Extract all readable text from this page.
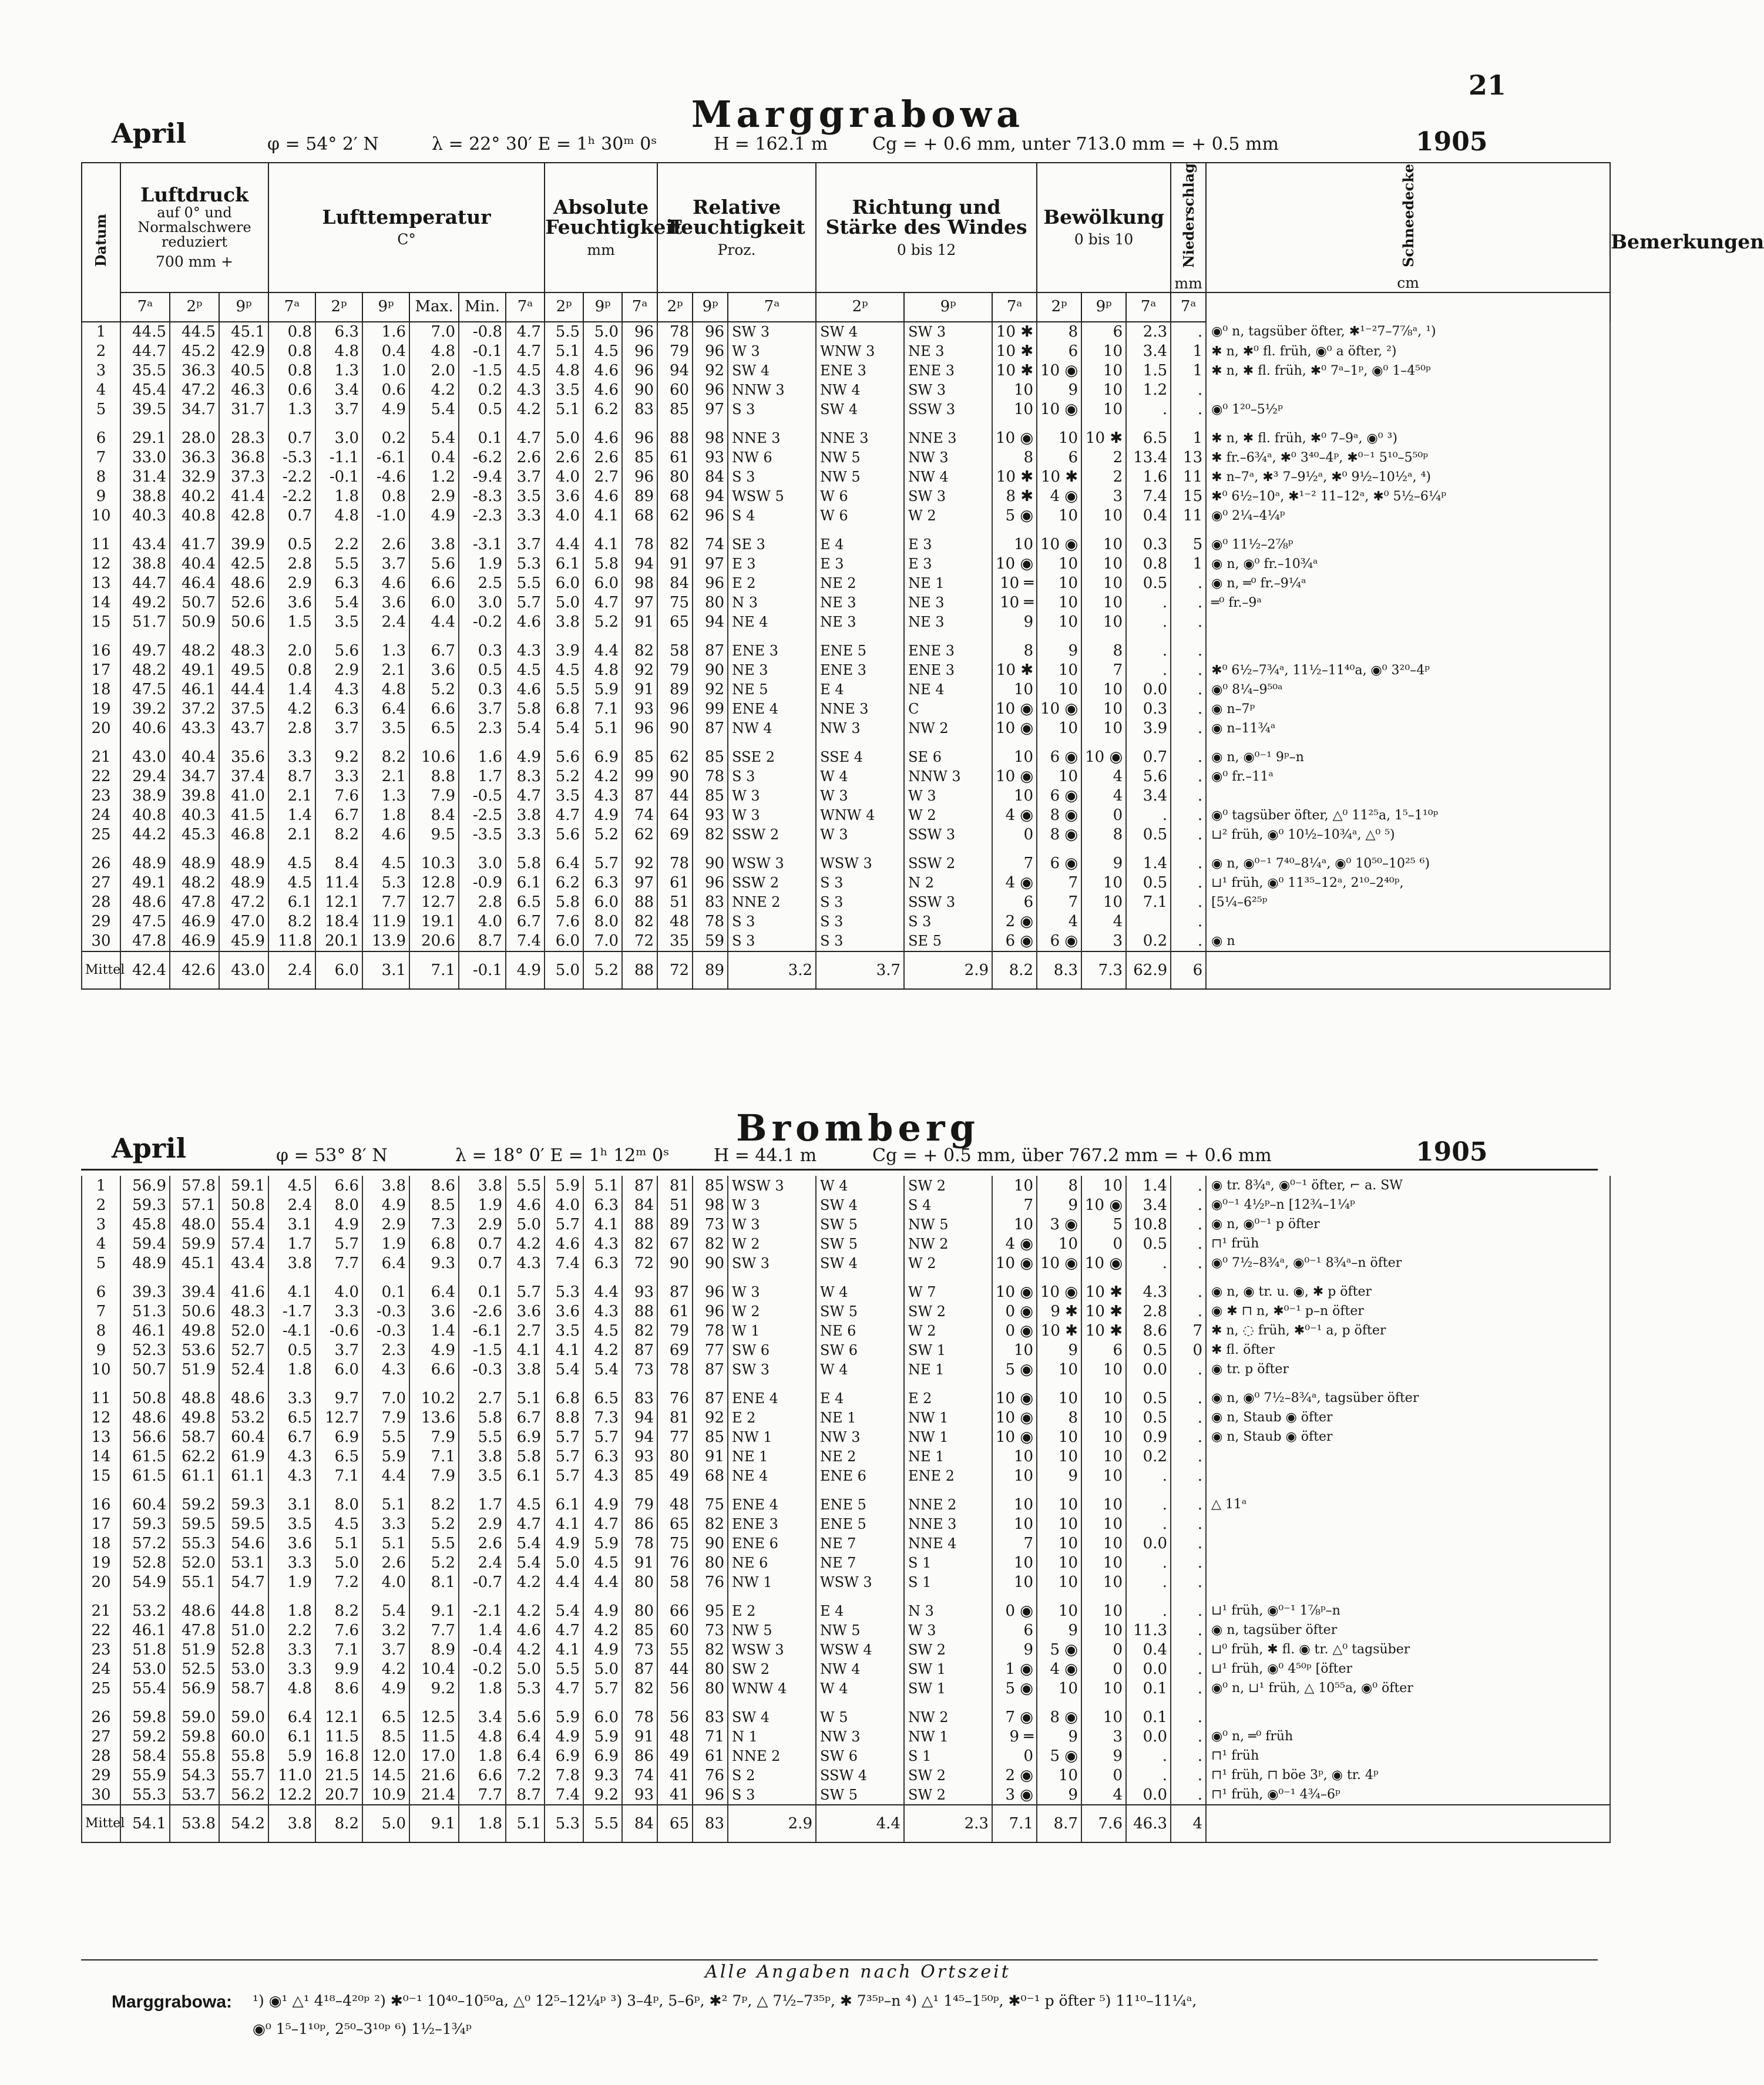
21
Marggrabowa
April	φ = 54° 2′ N	λ = 22° 30′ E = 1ʰ 30ᵐ 0ˢ	H = 162.1 m	Cg = + 0.6 mm, unter 713.0 mm = + 0.5 mm	1905
Datum	Luftdruck
auf 0° und Normalschwere reduziert
700 mm +			Lufttemperatur
C°						Absolute Feuchtigkeit
mm			Relative Feuchtigkeit
Proz.			Richtung und Stärke des Windes
0 bis 12			Bewölkung
0 bis 10			Niederschlag
mm	Schneedecke
cm	Bemerkungen
	7ᵃ	2ᵖ	9ᵖ	7ᵃ	2ᵖ	9ᵖ	Max.	Min.	7ᵃ	2ᵖ	9ᵖ	7ᵃ	2ᵖ	9ᵖ	7ᵃ	2ᵖ	9ᵖ	7ᵃ	2ᵖ	9ᵖ	7ᵃ	7ᵃ		
1	44.5	44.5	45.1	0.8	6.3	1.6	7.0	-0.8	4.7	5.5	5.0	96	78	96	SW 3	SW 4	SW 3	10 ✱	8	6	2.3	.	◉⁰ n, tagsüber öfter, ✱¹⁻²7–7⅞ᵃ, ¹)	
2	44.7	45.2	42.9	0.8	4.8	0.4	4.8	-0.1	4.7	5.1	4.5	96	79	96	W 3	WNW 3	NE 3	10 ✱	6	10	3.4	1	✱ n, ✱⁰ fl. früh, ◉⁰ a öfter, ²)	
3	35.5	36.3	40.5	0.8	1.3	1.0	2.0	-1.5	4.5	4.8	4.6	96	94	92	SW 4	ENE 3	ENE 3	10 ✱	10 ◉	10	1.5	1	✱ n, ✱ fl. früh, ✱⁰ 7ᵃ–1ᵖ, ◉⁰ 1–4⁵⁰ᵖ	
4	45.4	47.2	46.3	0.6	3.4	0.6	4.2	0.2	4.3	3.5	4.6	90	60	96	NNW 3	NW 4	SW 3	10	9	10	1.2	.		
5	39.5	34.7	31.7	1.3	3.7	4.9	5.4	0.5	4.2	5.1	6.2	83	85	97	S 3	SW 4	SSW 3	10	10 ◉	10	.	.	◉⁰ 1²⁰–5½ᵖ	
6	29.1	28.0	28.3	0.7	3.0	0.2	5.4	0.1	4.7	5.0	4.6	96	88	98	NNE 3	NNE 3	NNE 3	10 ◉	10	10 ✱	6.5	1	✱ n, ✱ fl. früh, ✱⁰ 7–9ᵃ, ◉⁰ ³)	
7	33.0	36.3	36.8	-5.3	-1.1	-6.1	0.4	-6.2	2.6	2.6	2.6	85	61	93	NW 6	NW 5	NW 3	8	6	2	13.4	13	✱ fr.–6¾ᵃ, ✱⁰ 3⁴⁰–4ᵖ, ✱⁰⁻¹ 5¹⁰–5⁵⁰ᵖ	
8	31.4	32.9	37.3	-2.2	-0.1	-4.6	1.2	-9.4	3.7	4.0	2.7	96	80	84	S 3	NW 5	NW 4	10 ✱	10 ✱	2	1.6	11	✱ n–7ᵃ, ✱³ 7–9½ᵃ, ✱⁰ 9½–10½ᵃ, ⁴)	
9	38.8	40.2	41.4	-2.2	1.8	0.8	2.9	-8.3	3.5	3.6	4.6	89	68	94	WSW 5	W 6	SW 3	8 ✱	4 ◉	3	7.4	15	✱⁰ 6½–10ᵃ, ✱¹⁻² 11–12ᵃ, ✱⁰ 5½–6¼ᵖ	
10	40.3	40.8	42.8	0.7	4.8	-1.0	4.9	-2.3	3.3	4.0	4.1	68	62	96	S 4	W 6	W 2	5 ◉	10	10	0.4	11	◉⁰ 2¼–4¼ᵖ	
11	43.4	41.7	39.9	0.5	2.2	2.6	3.8	-3.1	3.7	4.4	4.1	78	82	74	SE 3	E 4	E 3	10	10 ◉	10	0.3	5	◉⁰ 11½–2⅞ᵖ	
12	38.8	40.4	42.5	2.8	5.5	3.7	5.6	1.9	5.3	6.1	5.8	94	91	97	E 3	E 3	E 3	10 ◉	10	10	0.8	1	◉ n, ◉⁰ fr.–10¾ᵃ	
13	44.7	46.4	48.6	2.9	6.3	4.6	6.6	2.5	5.5	6.0	6.0	98	84	96	E 2	NE 2	NE 1	10 ═	10	10	0.5	.	◉ n, ═⁰ fr.–9¼ᵃ	
14	49.2	50.7	52.6	3.6	5.4	3.6	6.0	3.0	5.7	5.0	4.7	97	75	80	N 3	NE 3	NE 3	10 ═	10	10	.	.	═⁰ fr.–9ᵃ	
15	51.7	50.9	50.6	1.5	3.5	2.4	4.4	-0.2	4.6	3.8	5.2	91	65	94	NE 4	NE 3	NE 3	9	10	10	.	.		
16	49.7	48.2	48.3	2.0	5.6	1.3	6.7	0.3	4.3	3.9	4.4	82	58	87	ENE 3	ENE 5	ENE 3	8	9	8	.	.		
17	48.2	49.1	49.5	0.8	2.9	2.1	3.6	0.5	4.5	4.5	4.8	92	79	90	NE 3	ENE 3	ENE 3	10 ✱	10	7	.	.	✱⁰ 6½–7¾ᵃ, 11½–11⁴⁰a, ◉⁰ 3²⁰–4ᵖ	
18	47.5	46.1	44.4	1.4	4.3	4.8	5.2	0.3	4.6	5.5	5.9	91	89	92	NE 5	E 4	NE 4	10	10	10	0.0	.	◉⁰ 8¼–9⁵⁰ᵃ	
19	39.2	37.2	37.5	4.2	6.3	6.4	6.6	3.7	5.8	6.8	7.1	93	96	99	ENE 4	NNE 3	C	10 ◉	10 ◉	10	0.3	.	◉ n–7ᵖ	
20	40.6	43.3	43.7	2.8	3.7	3.5	6.5	2.3	5.4	5.4	5.1	96	90	87	NW 4	NW 3	NW 2	10 ◉	10	10	3.9	.	◉ n–11¾ᵃ	
21	43.0	40.4	35.6	3.3	9.2	8.2	10.6	1.6	4.9	5.6	6.9	85	62	85	SSE 2	SSE 4	SE 6	10	6 ◉	10 ◉	0.7	.	◉ n, ◉⁰⁻¹ 9ᵖ–n	
22	29.4	34.7	37.4	8.7	3.3	2.1	8.8	1.7	8.3	5.2	4.2	99	90	78	S 3	W 4	NNW 3	10 ◉	10	4	5.6	.	◉⁰ fr.–11ᵃ	
23	38.9	39.8	41.0	2.1	7.6	1.3	7.9	-0.5	4.7	3.5	4.3	87	44	85	W 3	W 3	W 3	10	6 ◉	4	3.4	.		
24	40.8	40.3	41.5	1.4	6.7	1.8	8.4	-2.5	3.8	4.7	4.9	74	64	93	W 3	WNW 4	W 2	4 ◉	8 ◉	0	.	.	◉⁰ tagsüber öfter, △⁰ 11²⁵a, 1⁵–1¹⁰ᵖ	
25	44.2	45.3	46.8	2.1	8.2	4.6	9.5	-3.5	3.3	5.6	5.2	62	69	82	SSW 2	W 3	SSW 3	0	8 ◉	8	0.5	.	⊔² früh, ◉⁰ 10½–10¾ᵃ, △⁰ ⁵)	
26	48.9	48.9	48.9	4.5	8.4	4.5	10.3	3.0	5.8	6.4	5.7	92	78	90	WSW 3	WSW 3	SSW 2	7	6 ◉	9	1.4	.	◉ n, ◉⁰⁻¹ 7⁴⁰–8¼ᵃ, ◉⁰ 10⁵⁰–10²⁵ ⁶)	
27	49.1	48.2	48.9	4.5	11.4	5.3	12.8	-0.9	6.1	6.2	6.3	97	61	96	SSW 2	S 3	N 2	4 ◉	7	10	0.5	.	⊔¹ früh, ◉⁰ 11³⁵–12ᵃ, 2¹⁰–2⁴⁰ᵖ,	
28	48.6	47.8	47.2	6.1	12.1	7.7	12.7	2.8	6.5	5.8	6.0	88	51	83	NNE 2	S 3	SSW 3	6	7	10	7.1	.	[5¼–6²⁵ᵖ	
29	47.5	46.9	47.0	8.2	18.4	11.9	19.1	4.0	6.7	7.6	8.0	82	48	78	S 3	S 3	S 3	2 ◉	4	4		.		
30	47.8	46.9	45.9	11.8	20.1	13.9	20.6	8.7	7.4	6.0	7.0	72	35	59	S 3	S 3	SE 5	6 ◉	6 ◉	3	0.2	.	◉ n	
Mittel	42.4	42.6	43.0	2.4	6.0	3.1	7.1	-0.1	4.9	5.0	5.2	88	72	89	3.2	3.7	2.9	8.2	8.3	7.3	62.9	6		
Bromberg
April	φ = 53° 8′ N	λ = 18° 0′ E = 1ʰ 12ᵐ 0ˢ	H = 44.1 m	Cg = + 0.5 mm, über 767.2 mm = + 0.6 mm	1905
1	56.9	57.8	59.1	4.5	6.6	3.8	8.6	3.8	5.5	5.9	5.1	87	81	85	WSW 3	W 4	SW 2	10	8	10	1.4	.	◉ tr. 8¾ᵃ, ◉⁰⁻¹ öfter, ⌐ a. SW
2	59.3	57.1	50.8	2.4	8.0	4.9	8.5	1.9	4.6	4.0	6.3	84	51	98	W 3	SW 4	S 4	7	9	10 ◉	3.4	.	◉⁰⁻¹ 4½ᵖ–n [12¾–1¼ᵖ
3	45.8	48.0	55.4	3.1	4.9	2.9	7.3	2.9	5.0	5.7	4.1	88	89	73	W 3	SW 5	NW 5	10	3 ◉	5	10.8	.	◉ n, ◉⁰⁻¹ p öfter
4	59.4	59.9	57.4	1.7	5.7	1.9	6.8	0.7	4.2	4.6	4.3	82	67	82	W 2	SW 5	NW 2	4 ◉	10	0	0.5	.	⊓¹ früh
5	48.9	45.1	43.4	3.8	7.7	6.4	9.3	0.7	4.3	7.4	6.3	72	90	90	SW 3	SW 4	W 2	10 ◉	10 ◉	10 ◉	.	.	◉⁰ 7½–8¾ᵃ, ◉⁰⁻¹ 8¾ᵃ–n öfter
6	39.3	39.4	41.6	4.1	4.0	0.1	6.4	0.1	5.7	5.3	4.4	93	87	96	W 3	W 4	W 7	10 ◉	10 ◉	10 ✱	4.3	.	◉ n, ◉ tr. u. ◉, ✱ p öfter
7	51.3	50.6	48.3	-1.7	3.3	-0.3	3.6	-2.6	3.6	3.6	4.3	88	61	96	W 2	SW 5	SW 2	0 ◉	9 ✱	10 ✱	2.8	.	◉ ✱ ⊓ n, ✱⁰⁻¹ p–n öfter
8	46.1	49.8	52.0	-4.1	-0.6	-0.3	1.4	-6.1	2.7	3.5	4.5	82	79	78	W 1	NE 6	W 2	0 ◉	10 ✱	10 ✱	8.6	7	✱ n, ◌ früh, ✱⁰⁻¹ a, p öfter
9	52.3	53.6	52.7	0.5	3.7	2.3	4.9	-1.5	4.1	4.1	4.2	87	69	77	SW 6	SW 6	SW 1	10	9	6	0.5	0	✱ fl. öfter
10	50.7	51.9	52.4	1.8	6.0	4.3	6.6	-0.3	3.8	5.4	5.4	73	78	87	SW 3	W 4	NE 1	5 ◉	10	10	0.0	.	◉ tr. p öfter
11	50.8	48.8	48.6	3.3	9.7	7.0	10.2	2.7	5.1	6.8	6.5	83	76	87	ENE 4	E 4	E 2	10 ◉	10	10	0.5	.	◉ n, ◉⁰ 7½–8¾ᵃ, tagsüber öfter
12	48.6	49.8	53.2	6.5	12.7	7.9	13.6	5.8	6.7	8.8	7.3	94	81	92	E 2	NE 1	NW 1	10 ◉	8	10	0.5	.	◉ n, Staub ◉ öfter
13	56.6	58.7	60.4	6.7	6.9	5.5	7.9	5.5	6.9	5.7	5.7	94	77	85	NW 1	NW 3	NW 1	10 ◉	10	10	0.9	.	◉ n, Staub ◉ öfter
14	61.5	62.2	61.9	4.3	6.5	5.9	7.1	3.8	5.8	5.7	6.3	93	80	91	NE 1	NE 2	NE 1	10	10	10	0.2	.	
15	61.5	61.1	61.1	4.3	7.1	4.4	7.9	3.5	6.1	5.7	4.3	85	49	68	NE 4	ENE 6	ENE 2	10	9	10	.	.	
16	60.4	59.2	59.3	3.1	8.0	5.1	8.2	1.7	4.5	6.1	4.9	79	48	75	ENE 4	ENE 5	NNE 2	10	10	10	.	.	△ 11ᵃ
17	59.3	59.5	59.5	3.5	4.5	3.3	5.2	2.9	4.7	4.1	4.7	86	65	82	ENE 3	ENE 5	NNE 3	10	10	10	.	.	
18	57.2	55.3	54.6	3.6	5.1	5.1	5.5	2.6	5.4	4.9	5.9	78	75	90	ENE 6	NE 7	NNE 4	7	10	10	0.0	.	
19	52.8	52.0	53.1	3.3	5.0	2.6	5.2	2.4	5.4	5.0	4.5	91	76	80	NE 6	NE 7	S 1	10	10	10	.	.	
20	54.9	55.1	54.7	1.9	7.2	4.0	8.1	-0.7	4.2	4.4	4.4	80	58	76	NW 1	WSW 3	S 1	10	10	10	.	.	
21	53.2	48.6	44.8	1.8	8.2	5.4	9.1	-2.1	4.2	5.4	4.9	80	66	95	E 2	E 4	N 3	0 ◉	10	10	.	.	⊔¹ früh, ◉⁰⁻¹ 1⅞ᵖ–n
22	46.1	47.8	51.0	2.2	7.6	3.2	7.7	1.4	4.6	4.7	4.2	85	60	73	NW 5	NW 5	W 3	6	9	10	11.3	.	◉ n, tagsüber öfter
23	51.8	51.9	52.8	3.3	7.1	3.7	8.9	-0.4	4.2	4.1	4.9	73	55	82	WSW 3	WSW 4	SW 2	9	5 ◉	0	0.4	.	⊔⁰ früh, ✱ fl. ◉ tr. △⁰ tagsüber
24	53.0	52.5	53.0	3.3	9.9	4.2	10.4	-0.2	5.0	5.5	5.0	87	44	80	SW 2	NW 4	SW 1	1 ◉	4 ◉	0	0.0	.	⊔¹ früh, ◉⁰ 4⁵⁰ᵖ [öfter
25	55.4	56.9	58.7	4.8	8.6	4.9	9.2	1.8	5.3	4.7	5.7	82	56	80	WNW 4	W 4	SW 1	5 ◉	10	10	0.1	.	◉⁰ n, ⊔¹ früh, △ 10⁵⁵a, ◉⁰ öfter
26	59.8	59.0	59.0	6.4	12.1	6.5	12.5	3.4	5.6	5.9	6.0	78	56	83	SW 4	W 5	NW 2	7 ◉	8 ◉	10	0.1	.	
27	59.2	59.8	60.0	6.1	11.5	8.5	11.5	4.8	6.4	4.9	5.9	91	48	71	N 1	NW 3	NW 1	9 ═	9	3	0.0	.	◉⁰ n, ═⁰ früh
28	58.4	55.8	55.8	5.9	16.8	12.0	17.0	1.8	6.4	6.9	6.9	86	49	61	NNE 2	SW 6	S 1	0	5 ◉	9	.	.	⊓¹ früh
29	55.9	54.3	55.7	11.0	21.5	14.5	21.6	6.6	7.2	7.8	9.3	74	41	76	S 2	SSW 4	SW 2	2 ◉	10	0	.	.	⊓¹ früh, ⊓ böe 3ᵖ, ◉ tr. 4ᵖ
30	55.3	53.7	56.2	12.2	20.7	10.9	21.4	7.7	8.7	7.4	9.2	93	41	96	S 3	SW 5	SW 2	3 ◉	9	4	0.0	.	⊓¹ früh, ◉⁰⁻¹ 4¾–6ᵖ
Mittel	54.1	53.8	54.2	3.8	8.2	5.0	9.1	1.8	5.1	5.3	5.5	84	65	83	2.9	4.4	2.3	7.1	8.7	7.6	46.3	4	
Alle Angaben nach Ortszeit
Marggrabowa: ¹) ◉¹ △¹ 4¹⁸–4²⁰ᵖ ²) ✱⁰⁻¹ 10⁴⁰–10⁵⁰a, △⁰ 12⁵–12¼ᵖ ³) 3–4ᵖ, 5–6ᵖ, ✱² 7ᵖ, △ 7½–7³⁵ᵖ, ✱ 7³⁵ᵖ–n ⁴) △¹ 1⁴⁵–1⁵⁰ᵖ, ✱⁰⁻¹ p öfter ⁵) 11¹⁰–11¼ᵃ,
◉⁰ 1⁵–1¹⁰ᵖ, 2⁵⁰–3¹⁰ᵖ ⁶) 1½–1¾ᵖ
